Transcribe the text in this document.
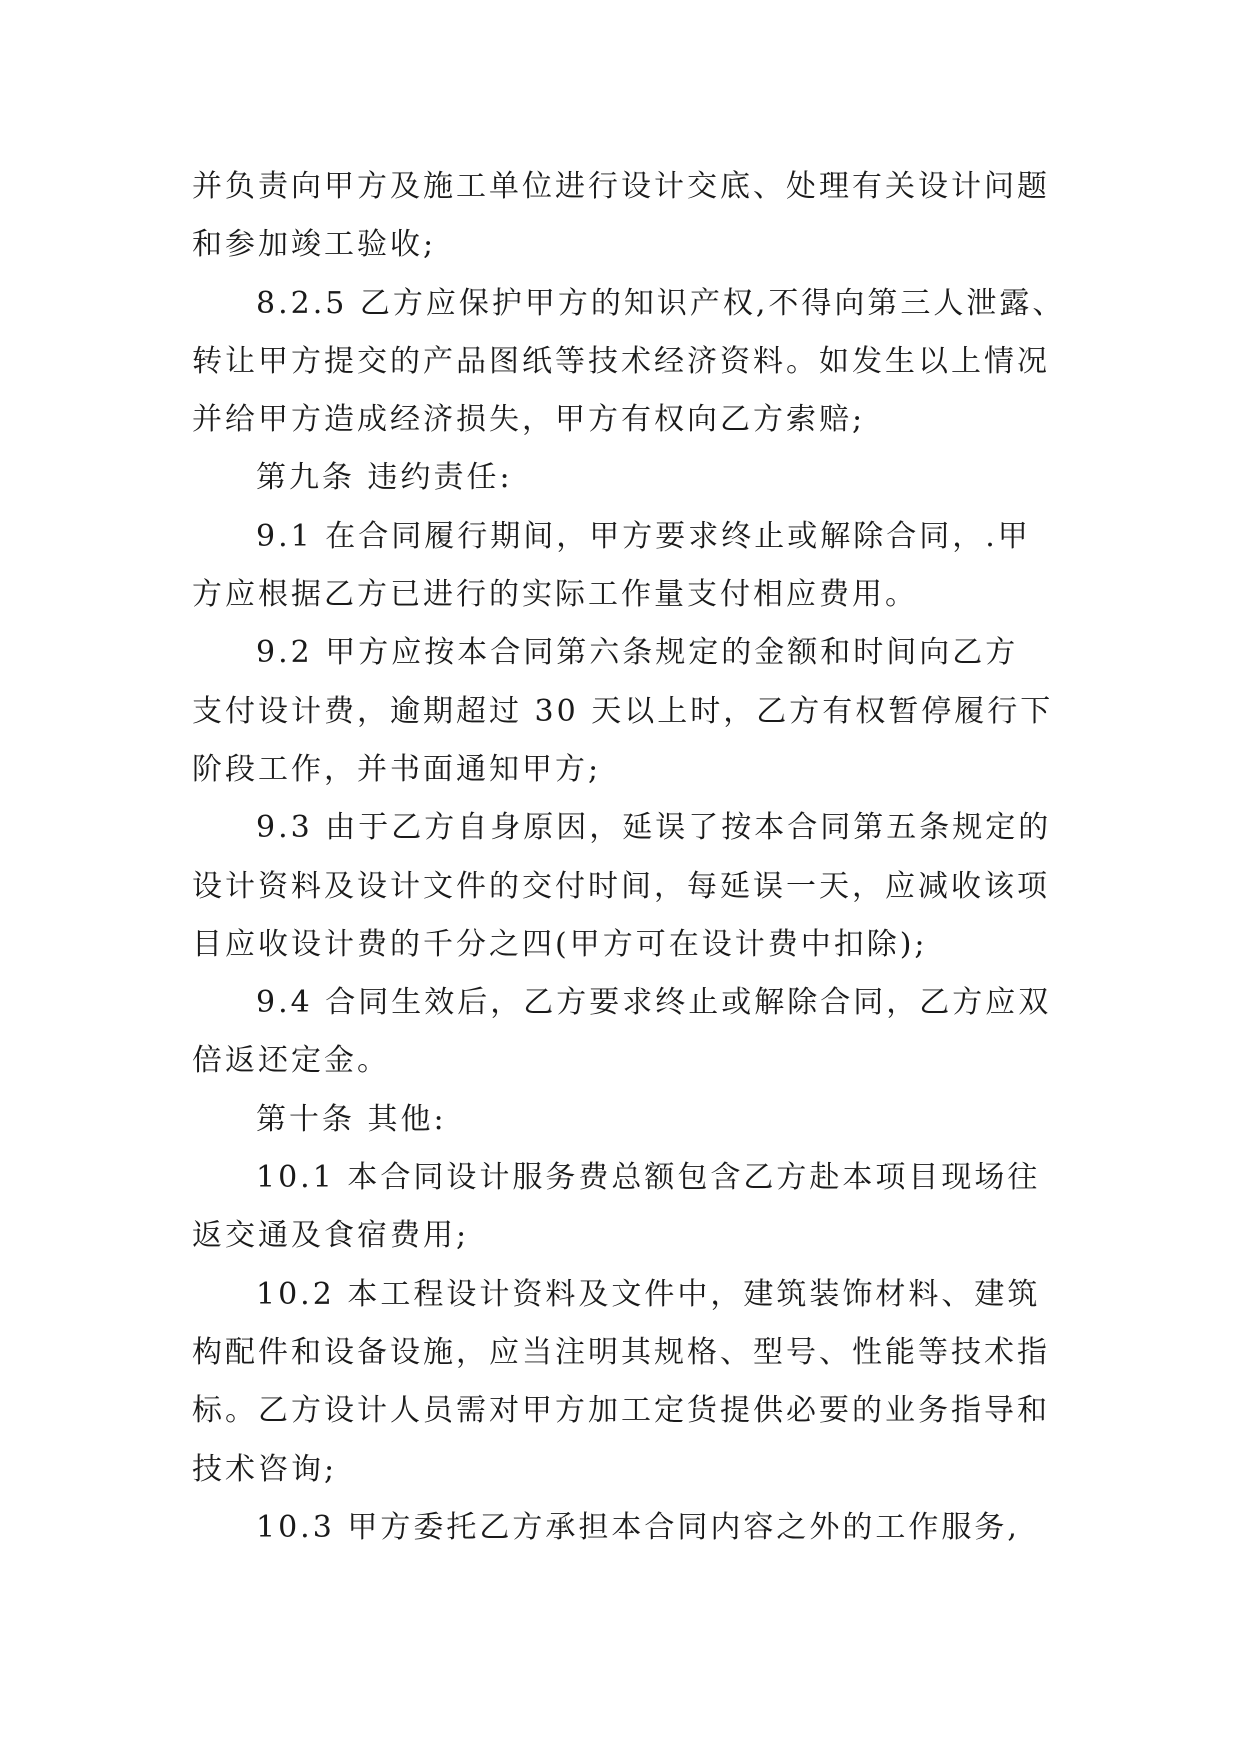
并负责向甲方及施工单位进行设计交底、处理有关设计问题
和参加竣工验收;
8.2.5 乙方应保护甲方的知识产权,不得向第三人泄露、
转让甲方提交的产品图纸等技术经济资料。如发生以上情况
并给甲方造成经济损失，甲方有权向乙方索赔;
第九条 违约责任:
9.1 在合同履行期间，甲方要求终止或解除合同，.甲
方应根据乙方已进行的实际工作量支付相应费用。
9.2 甲方应按本合同第六条规定的金额和时间向乙方
支付设计费，逾期超过 30 天以上时，乙方有权暂停履行下
阶段工作，并书面通知甲方;
9.3 由于乙方自身原因，延误了按本合同第五条规定的
设计资料及设计文件的交付时间，每延误一天，应减收该项
目应收设计费的千分之四(甲方可在设计费中扣除);
9.4 合同生效后，乙方要求终止或解除合同，乙方应双
倍返还定金。
第十条 其他:
10.1 本合同设计服务费总额包含乙方赴本项目现场往
返交通及食宿费用;
10.2 本工程设计资料及文件中，建筑装饰材料、建筑
构配件和设备设施，应当注明其规格、型号、性能等技术指
标。乙方设计人员需对甲方加工定货提供必要的业务指导和
技术咨询;
10.3 甲方委托乙方承担本合同内容之外的工作服务,
